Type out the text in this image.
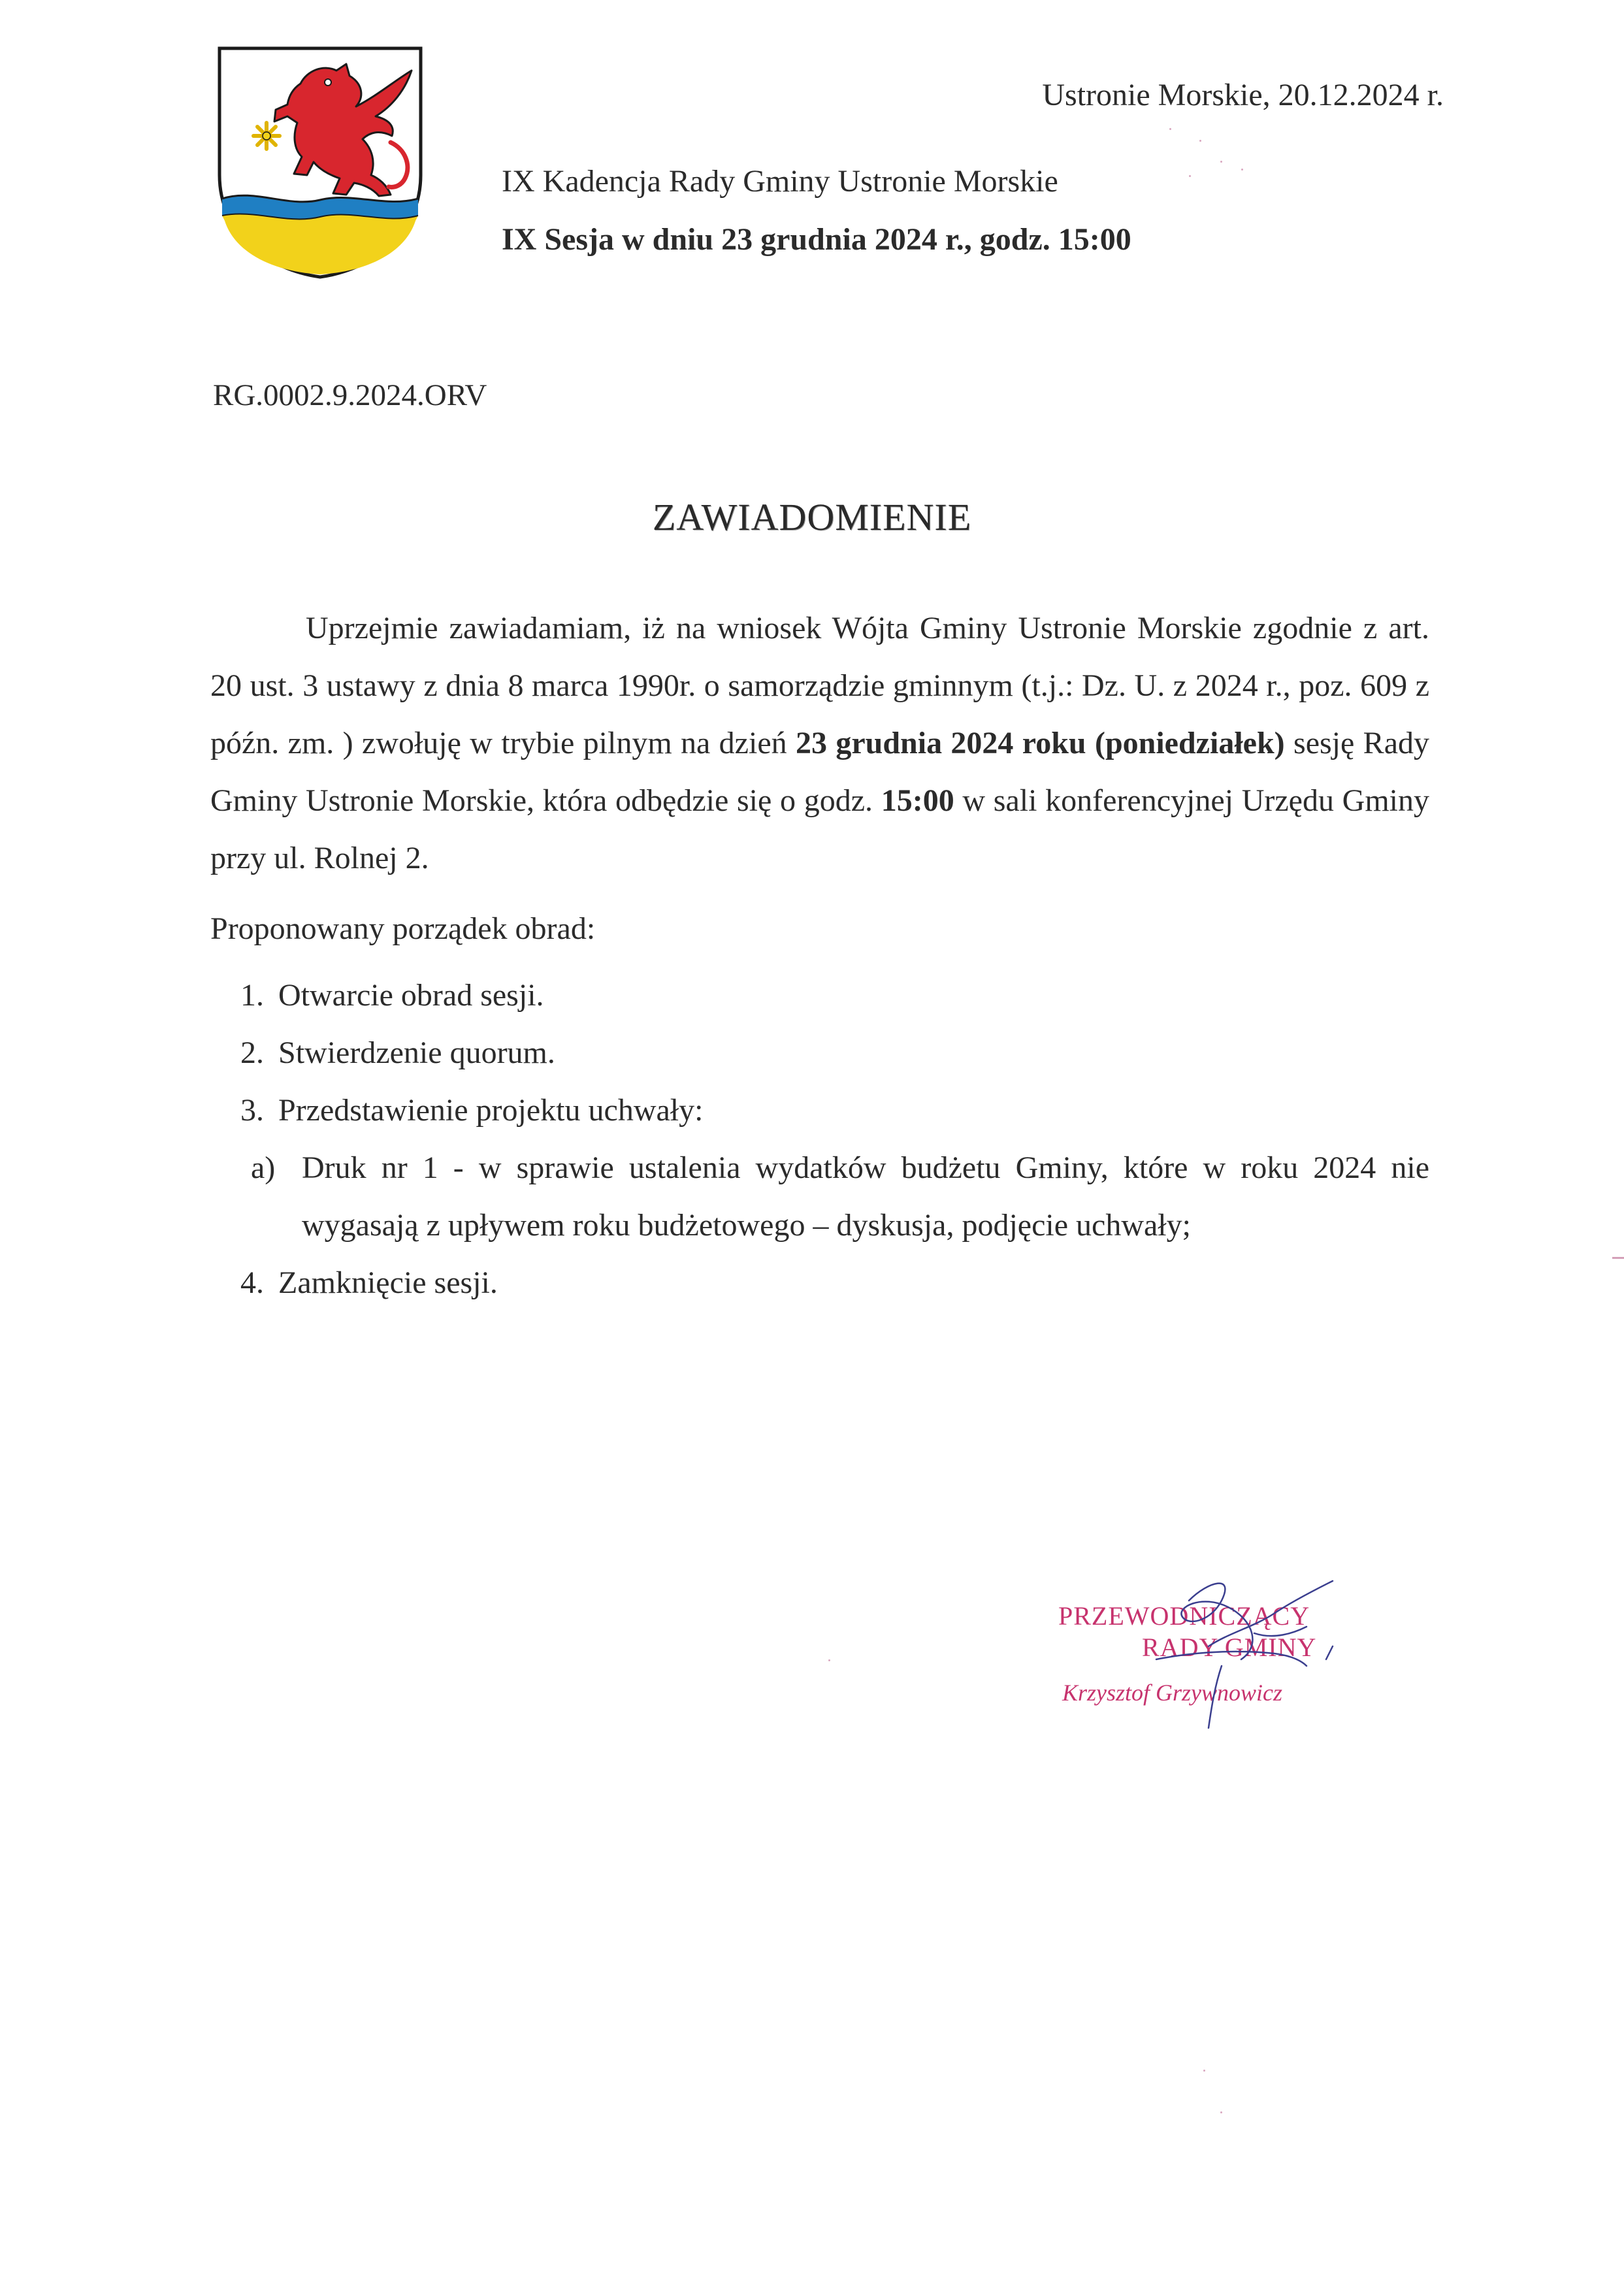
Ustronie Morskie, 20.12.2024 r.
IX Kadencja Rady Gminy Ustronie Morskie
IX Sesja w dniu 23 grudnia 2024 r., godz. 15:00
RG.0002.9.2024.ORV
ZAWIADOMIENIE
Uprzejmie zawiadamiam, iż na wniosek Wójta Gminy Ustronie Morskie zgodnie z art. 20 ust. 3 ustawy z dnia 8 marca 1990r. o samorządzie gminnym (t.j.: Dz. U. z 2024 r., poz. 609 z późn. zm. ) zwołuję w trybie pilnym na dzień 23 grudnia 2024 roku (poniedziałek) sesję Rady Gminy Ustronie Morskie, która odbędzie się o godz. 15:00 w sali konferencyjnej Urzędu Gminy przy ul. Rolnej 2.
Proponowany porządek obrad:
1. Otwarcie obrad sesji.
2. Stwierdzenie quorum.
3. Przedstawienie projektu uchwały:
a) Druk nr 1 - w sprawie ustalenia wydatków budżetu Gminy, które w roku 2024 nie wygasają z upływem roku budżetowego – dyskusja, podjęcie uchwały;
4. Zamknięcie sesji.
PRZEWODNICZĄCY
RADY GMINY
Krzysztof Grzywnowicz
